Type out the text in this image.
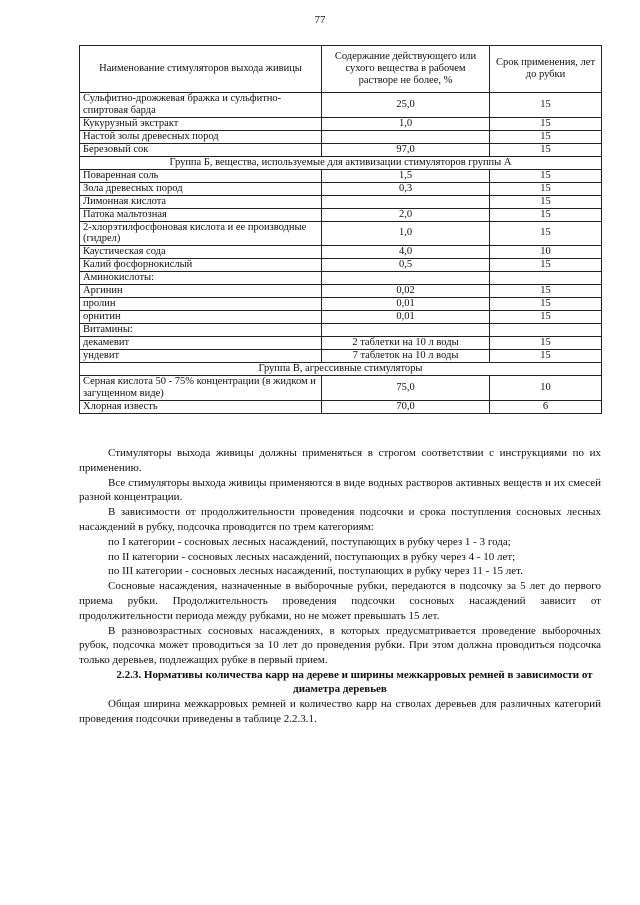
77
Наименование стимуляторов выхода живицы	Содержание действующего или сухого вещества в рабочем растворе не более, %	Срок применения, лет до рубки
Сульфитно-дрожжевая бражка и сульфитно-спиртовая барда	25,0	15
Кукурузный экстракт	1,0	15
Настой золы древесных пород		15
Березовый сок	97,0	15
Группа Б, вещества, используемые для активизации стимуляторов группы А		
Поваренная соль	1,5	15
Зола древесных пород	0,3	15
Лимонная кислота		15
Патока мальтозная	2,0	15
2-хлорэтилфосфоновая кислота и ее производные (гидрел)	1,0	15
Каустическая сода	4,0	10
Калий фосфорнокислый	0,5	15
Аминокислоты:		
Аргинин	0,02	15
пролин	0,01	15
орнитин	0,01	15
Витамины:		
декамевит	2 таблетки на 10 л воды	15
ундевит	7 таблеток на 10 л воды	15
Группа В, агрессивные стимуляторы		
Серная кислота 50 - 75% концентрации (в жидком и загущенном виде)	75,0	10
Хлорная известь	70,0	6

Стимуляторы выхода живицы должны применяться в строгом соответствии с инструкциями по их применению.

Все стимуляторы выхода живицы применяются в виде водных растворов активных веществ и их смесей разной концентрации.

В зависимости от продолжительности проведения подсочки и срока поступления сосновых лесных насаждений в рубку, подсочка проводится по трем категориям:

по I категории - сосновых лесных насаждений, поступающих в рубку через 1 - 3 года;

по II категории - сосновых лесных насаждений, поступающих в рубку через 4 - 10 лет;

по III категории - сосновых лесных насаждений, поступающих в рубку через 11 - 15 лет.

Сосновые насаждения, назначенные в выборочные рубки, передаются в подсочку за 5 лет до первого приема рубки. Продолжительность проведения подсочки сосновых насаждений зависит от продолжительности периода между рубками, но не может превышать 15 лет.

В разновозрастных сосновых насаждениях, в которых предусматривается проведение выборочных рубок, подсочка может проводиться за 10 лет до проведения рубки. При этом должна проводиться подсочка только деревьев, подлежащих рубке в первый прием.

2.2.3. Нормативы количества карр на дереве и ширины межкарровых ремней в зависимости от диаметра деревьев

Общая ширина межкарровых ремней и количество карр на стволах деревьев для различных категорий проведения подсочки приведены в таблице 2.2.3.1.
